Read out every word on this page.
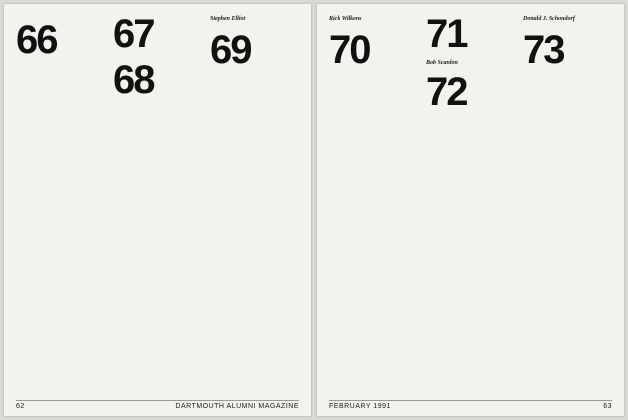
66	67
68
Stephen Elliot
69
62	DARTMOUTH ALUMNI MAGAZINE
Rick Wilkens
70	71
Bob Scanlon
72
Donald J. Schondorf
73
63
FEBRUARY 1991
